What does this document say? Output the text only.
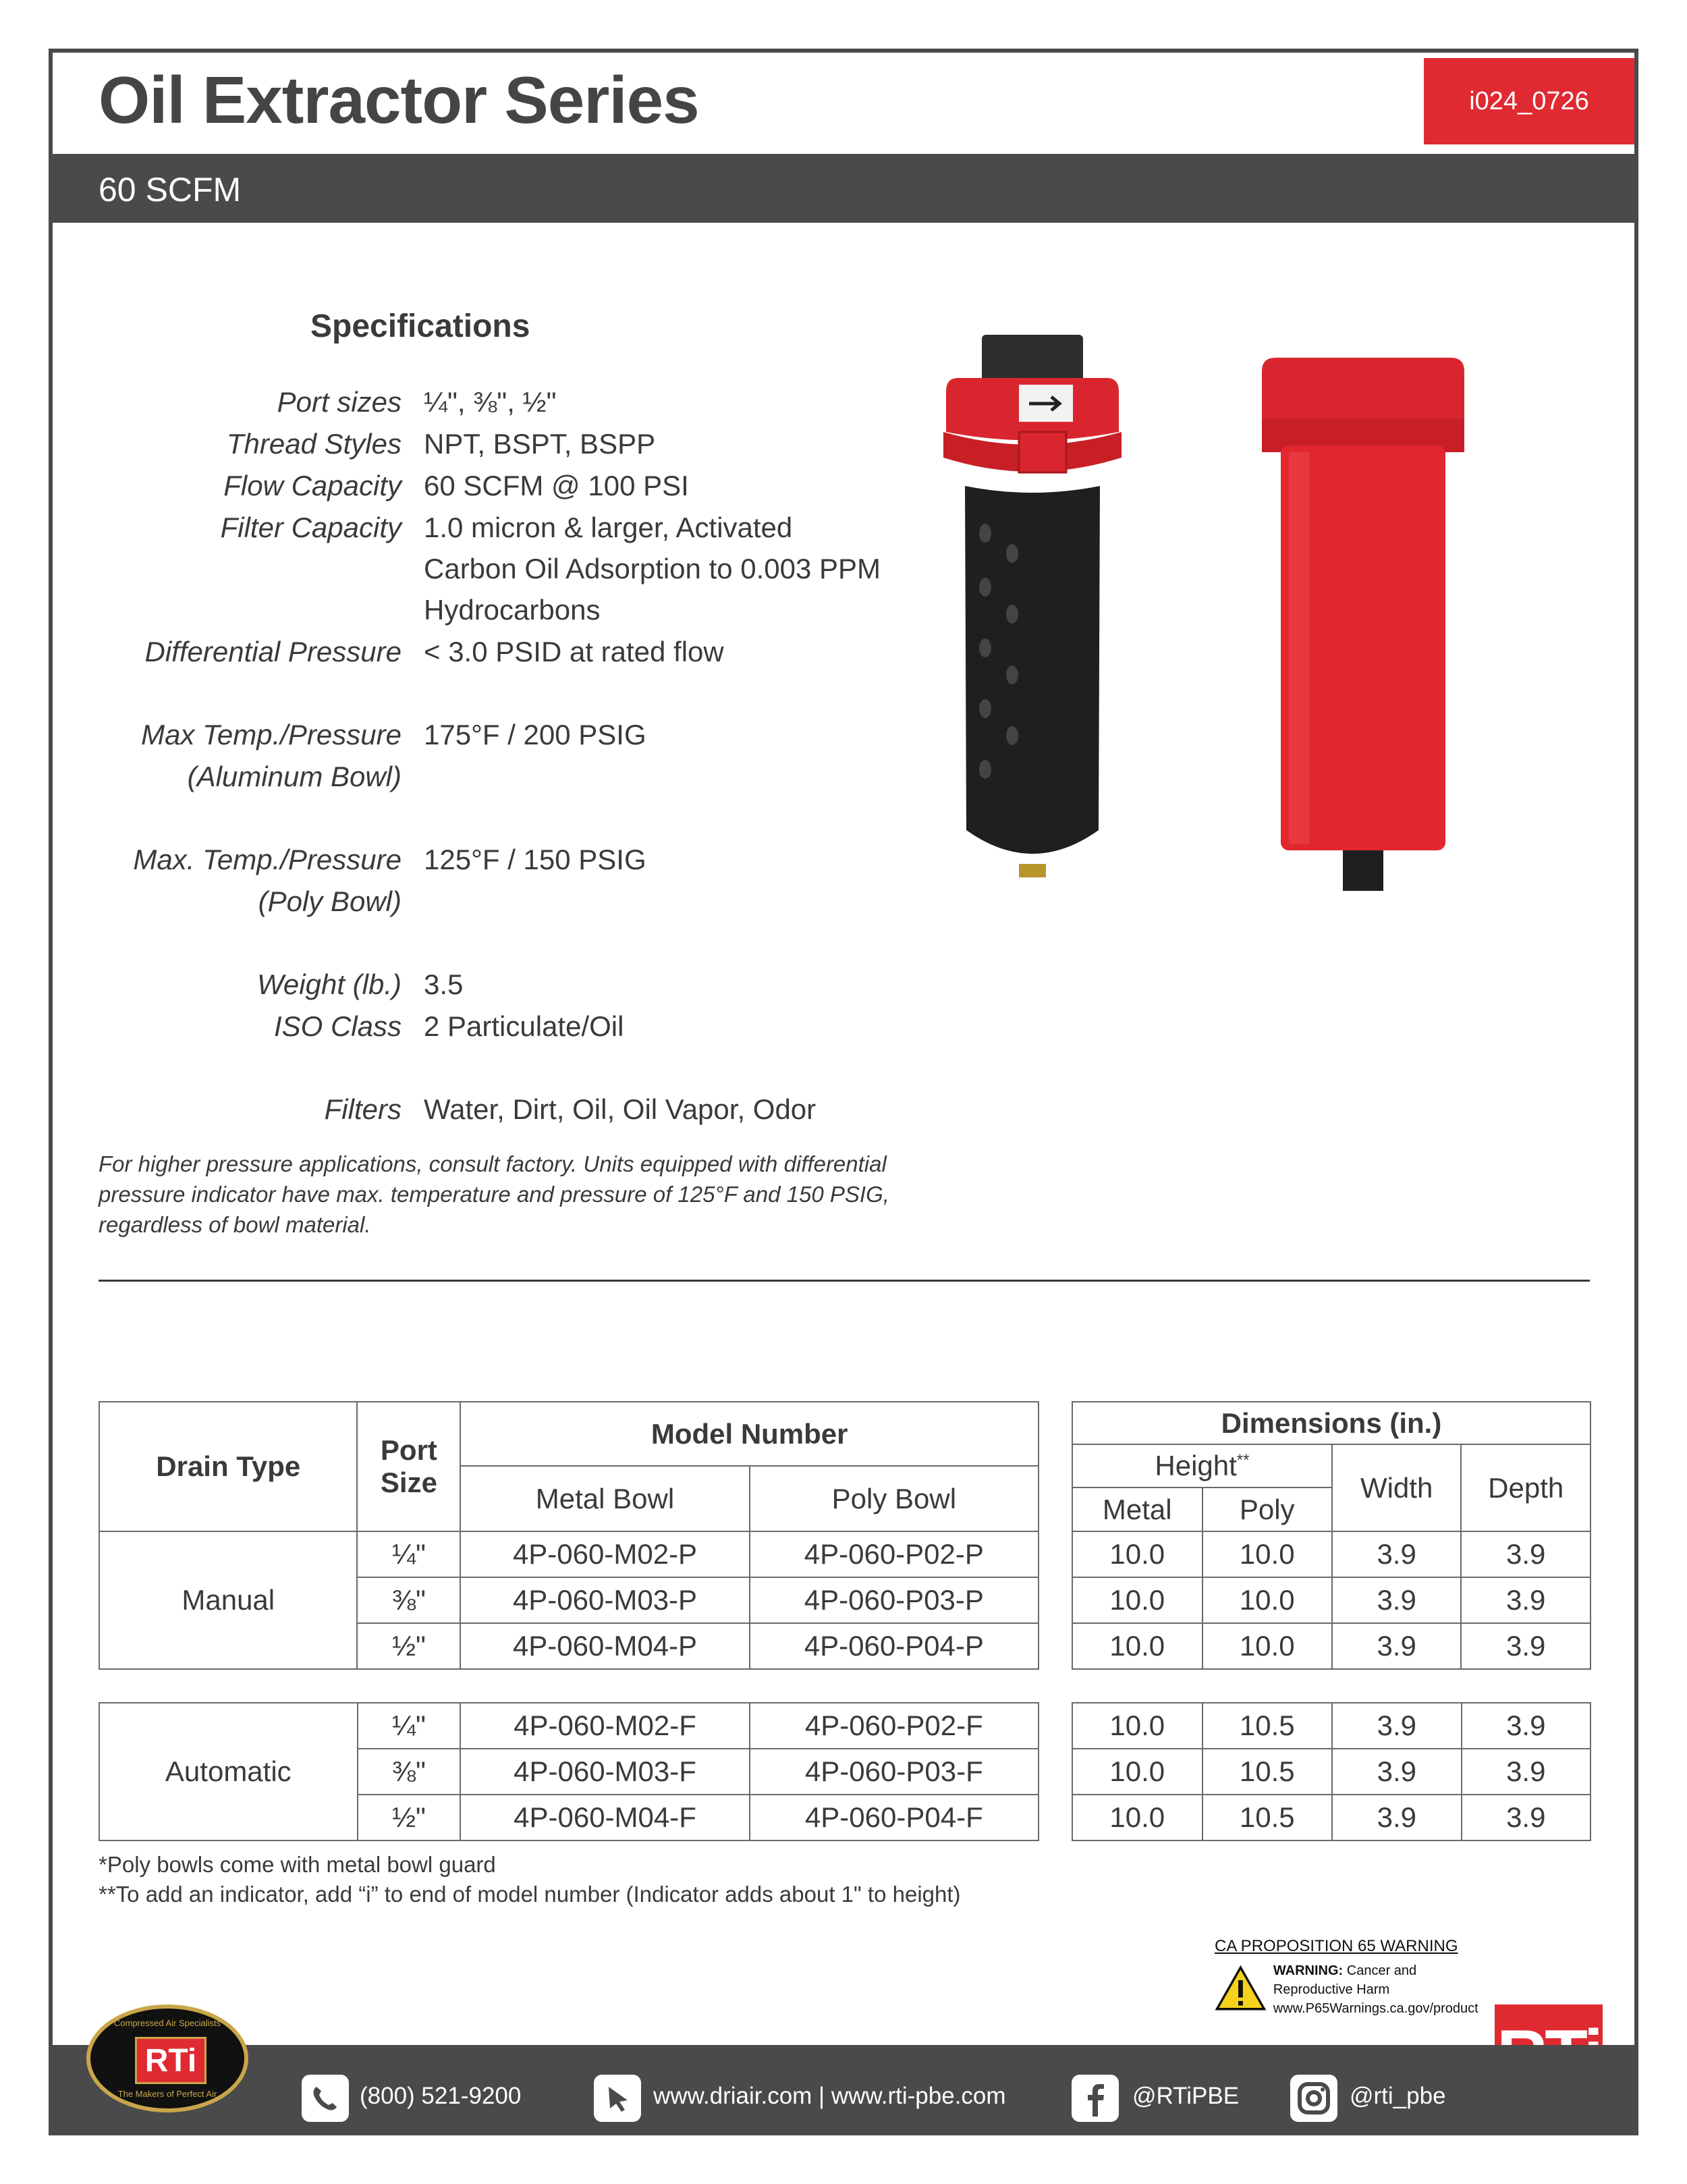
Oil Extractor Series	i024_0726
60 SCFM
Specifications
Port sizes ¼", ⅜", ½"
Thread Styles NPT, BSPT, BSPP
Flow Capacity 60 SCFM @ 100 PSI
Filter Capacity 1.0 micron & larger, Activated
Carbon Oil Adsorption to 0.003 PPM
Hydrocarbons
Differential Pressure < 3.0 PSID at rated flow
Max Temp./Pressure 175°F / 200 PSIG
(Aluminum Bowl)
Max. Temp./Pressure 125°F / 150 PSIG
(Poly Bowl)
Weight (lb.) 3.5
ISO Class 2 Particulate/Oil
Filters Water, Dirt, Oil, Oil Vapor, Odor
For higher pressure applications, consult factory. Units equipped with differential pressure indicator have max. temperature and pressure of 125°F and 150 PSIG, regardless of bowl material.
Drain Type	Port Size	Model Number	
		Metal Bowl	Poly Bowl
Manual	¼"	4P-060-M02-P	4P-060-P02-P
	⅜"	4P-060-M03-P	4P-060-P03-P
	½"	4P-060-M04-P	4P-060-P04-P
Automatic	¼"	4P-060-M02-F	4P-060-P02-F
	⅜"	4P-060-M03-F	4P-060-P03-F
	½"	4P-060-M04-F	4P-060-P04-F
Dimensions (in.)			
Height**		Width	Depth
Metal	Poly		
10.0	10.0	3.9	3.9
10.0	10.0	3.9	3.9
10.0	10.0	3.9	3.9
10.0	10.5	3.9	3.9
10.0	10.5	3.9	3.9
10.0	10.5	3.9	3.9
*Poly bowls come with metal bowl guard
**To add an indicator, add “i” to end of model number (Indicator adds about 1" to height)
CA PROPOSITION 65 WARNING
WARNING: Cancer and Reproductive Harm
www.P65Warnings.ca.gov/product
Compressed Air Specialists
RTi
The Makers of Perfect Air	(800) 521-9200	www.driair.com | www.rti-pbe.com	@RTiPBE	@rti_pbe
